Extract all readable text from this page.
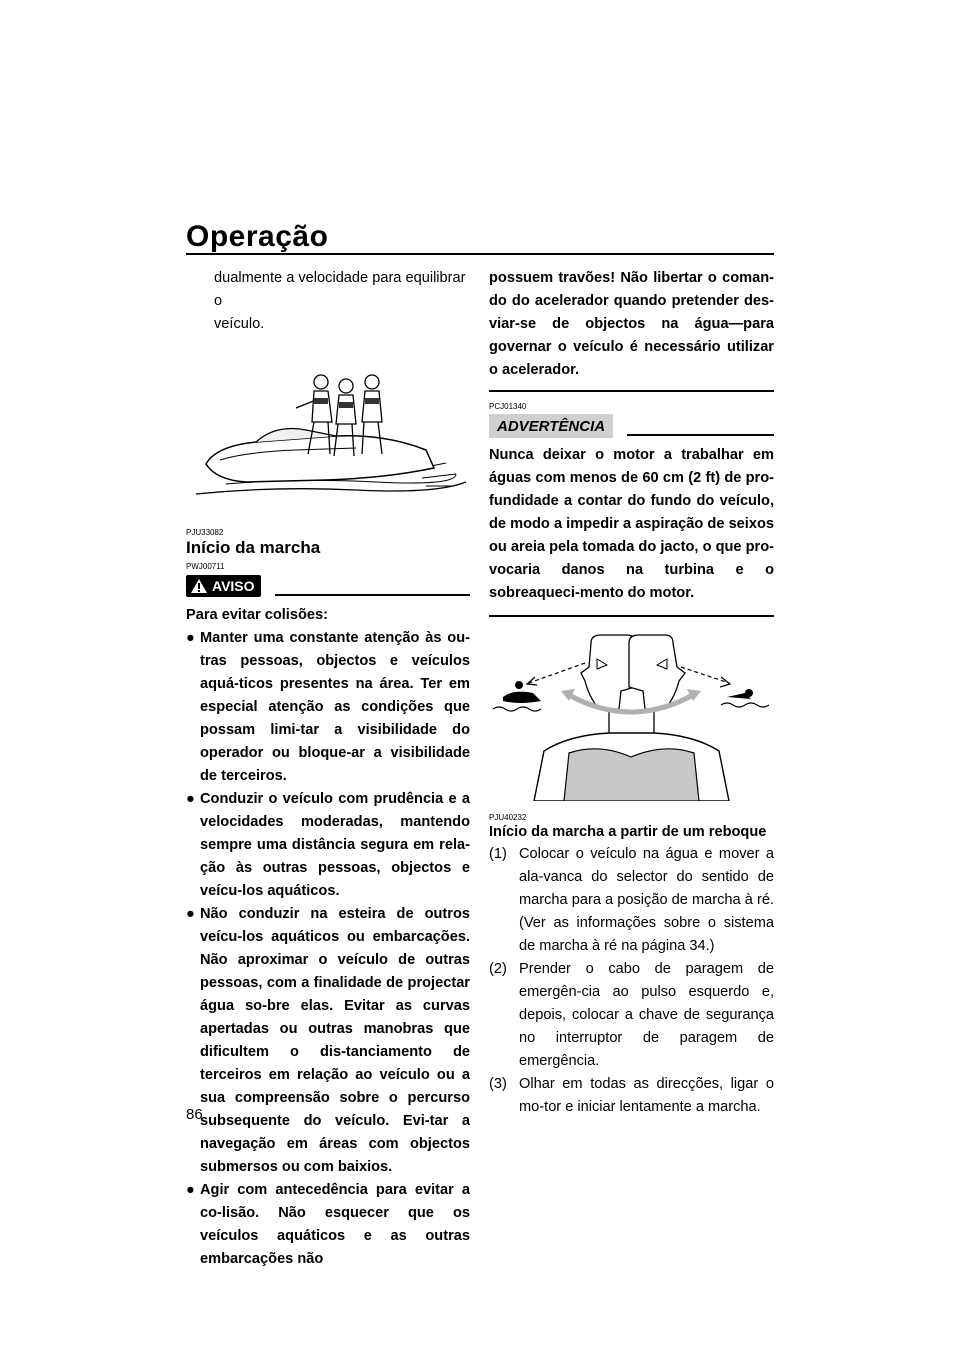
Operação
dualmente a velocidade para equilibrar o
veículo.
PJU33082
Início da marcha
PWJ00711
AVISO
Para evitar colisões:
● Manter uma constante atenção às ou-tras pessoas, objectos e veículos aquá-ticos presentes na área. Ter em especial atenção as condições que possam limi-tar a visibilidade do operador ou bloque-ar a visibilidade de terceiros.
● Conduzir o veículo com prudência e a velocidades moderadas, mantendo sempre uma distância segura em rela-ção às outras pessoas, objectos e veícu-los aquáticos.
● Não conduzir na esteira de outros veícu-los aquáticos ou embarcações. Não aproximar o veículo de outras pessoas, com a finalidade de projectar água so-bre elas. Evitar as curvas apertadas ou outras manobras que dificultem o dis-tanciamento de terceiros em relação ao veículo ou a sua compreensão sobre o percurso subsequente do veículo. Evi-tar a navegação em áreas com objectos submersos ou com baixios.
● Agir com antecedência para evitar a co-lisão. Não esquecer que os veículos aquáticos e as outras embarcações não
possuem travões! Não libertar o coman-do do acelerador quando pretender des-viar-se de objectos na água—para governar o veículo é necessário utilizar o acelerador.
PCJ01340
ADVERTÊNCIA
Nunca deixar o motor a trabalhar em águas com menos de 60 cm (2 ft) de pro-fundidade a contar do fundo do veículo, de modo a impedir a aspiração de seixos ou areia pela tomada do jacto, o que pro-vocaria danos na turbina e o sobreaqueci-mento do motor.
PJU40232
Início da marcha a partir de um reboque
(1) Colocar o veículo na água e mover a ala-vanca do selector do sentido de marcha para a posição de marcha à ré. (Ver as informações sobre o sistema de marcha à ré na página 34.)
(2) Prender o cabo de paragem de emergên-cia ao pulso esquerdo e, depois, colocar a chave de segurança no interruptor de paragem de emergência.
(3) Olhar em todas as direcções, ligar o mo-tor e iniciar lentamente a marcha.
86
